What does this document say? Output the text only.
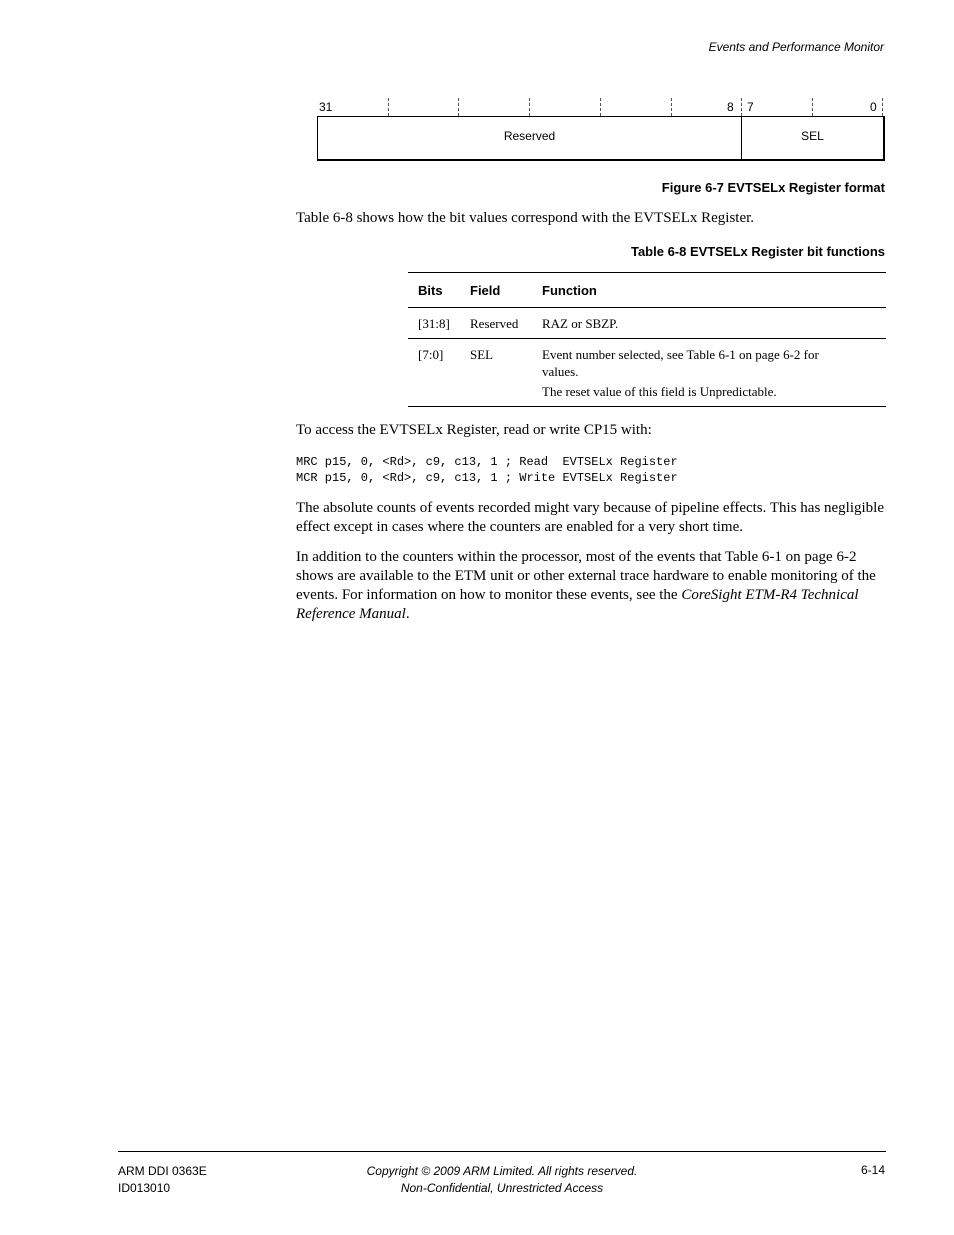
Events and Performance Monitor
31	8 7	0
Reserved	SEL
Figure 6-7 EVTSELx Register format
Table 6-8 shows how the bit values correspond with the EVTSELx Register.
Table 6-8 EVTSELx Register bit functions
Bits	Field	Function
[31:8]	Reserved	RAZ or SBZP.

[7:0]	SEL	Event number selected, see Table 6-1 on page 6-2 for values.
The reset value of this field is Unpredictable.
To access the EVTSELx Register, read or write CP15 with:
MRC p15, 0, <Rd>, c9, c13, 1 ; Read  EVTSELx Register
MCR p15, 0, <Rd>, c9, c13, 1 ; Write EVTSELx Register
The absolute counts of events recorded might vary because of pipeline effects. This has negligible effect except in cases where the counters are enabled for a very short time.
In addition to the counters within the processor, most of the events that Table 6-1 on page 6-2 shows are available to the ETM unit or other external trace hardware to enable monitoring of the events. For information on how to monitor these events, see the CoreSight ETM-R4 Technical Reference Manual.
ARM DDI 0363E
ID013010
Copyright © 2009 ARM Limited. All rights reserved.
Non-Confidential, Unrestricted Access
6-14
